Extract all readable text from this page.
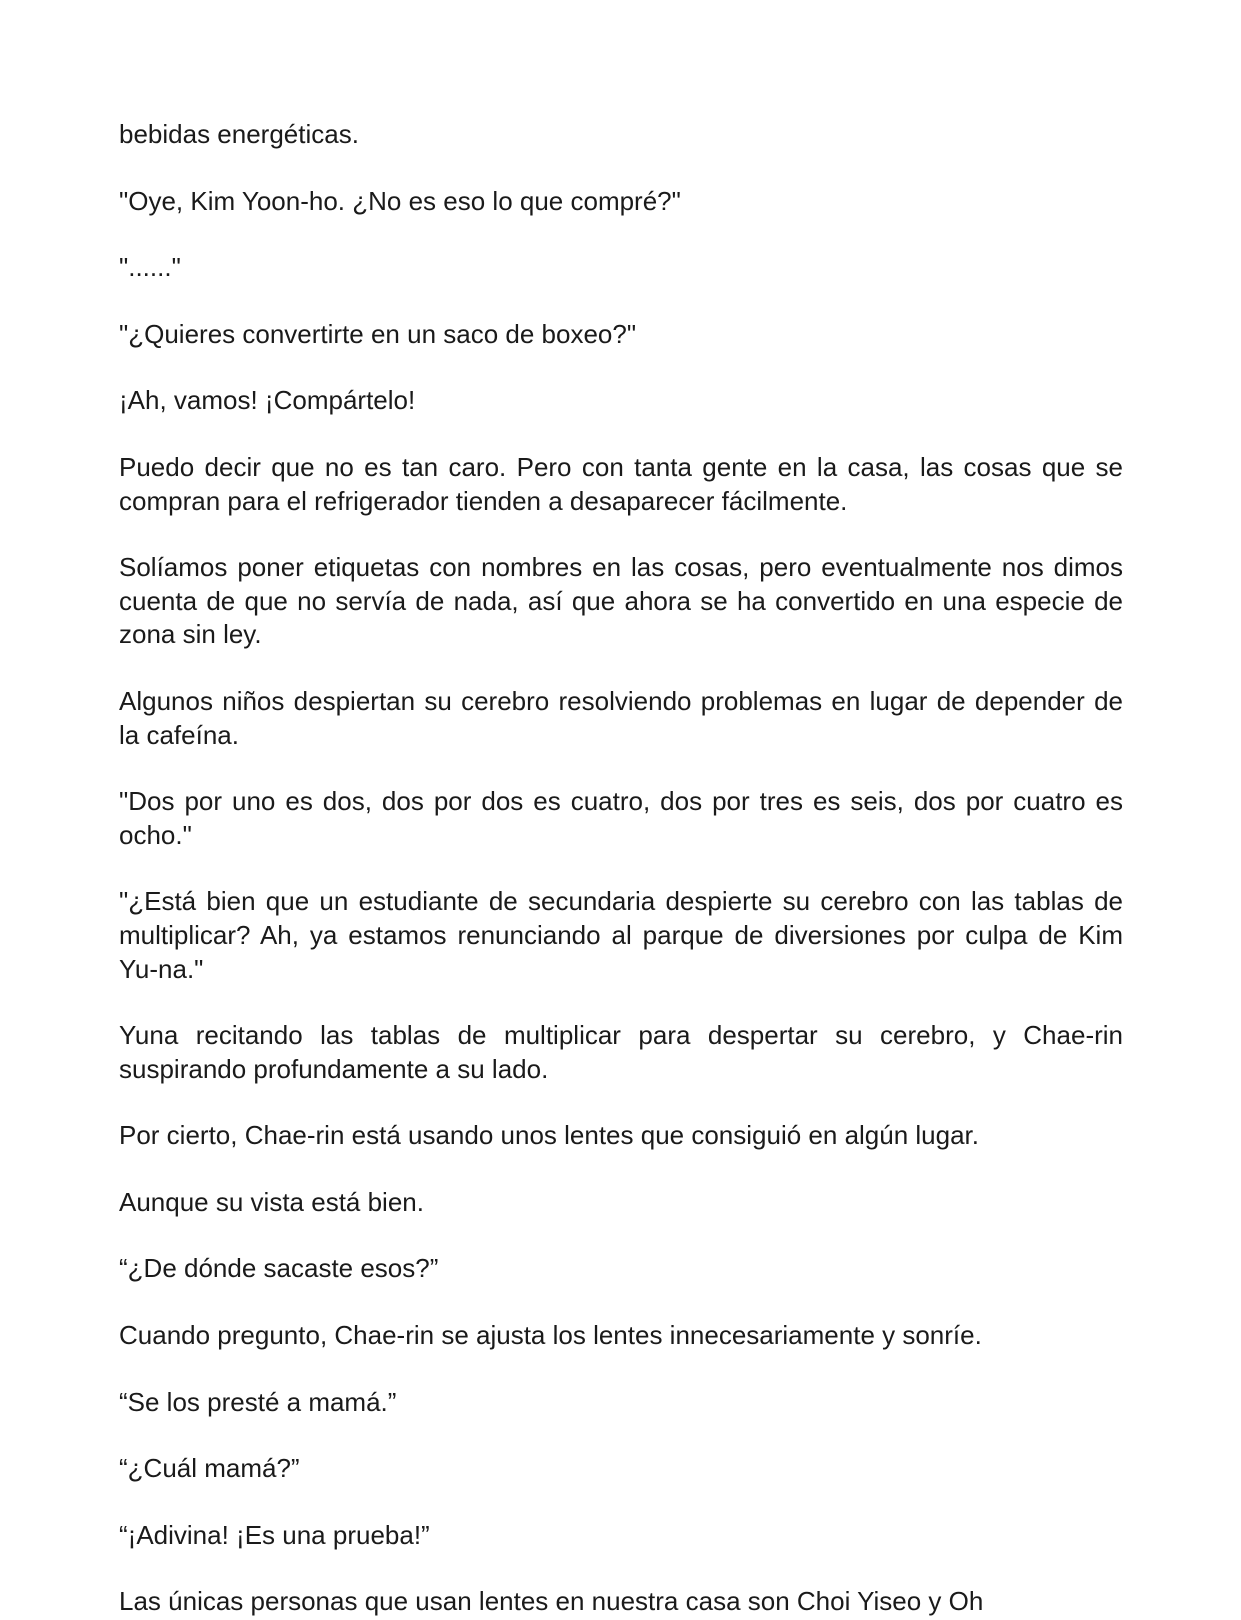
bebidas energéticas.

"Oye, Kim Yoon-ho. ¿No es eso lo que compré?"

"......"

"¿Quieres convertirte en un saco de boxeo?"

¡Ah, vamos! ¡Compártelo!

Puedo decir que no es tan caro. Pero con tanta gente en la casa, las cosas que se compran para el refrigerador tienden a desaparecer fácilmente.

Solíamos poner etiquetas con nombres en las cosas, pero eventualmente nos dimos cuenta de que no servía de nada, así que ahora se ha convertido en una especie de zona sin ley.

Algunos niños despiertan su cerebro resolviendo problemas en lugar de depender de la cafeína.

"Dos por uno es dos, dos por dos es cuatro, dos por tres es seis, dos por cuatro es ocho."

"¿Está bien que un estudiante de secundaria despierte su cerebro con las tablas de multiplicar? Ah, ya estamos renunciando al parque de diversiones por culpa de Kim Yu-na."

Yuna recitando las tablas de multiplicar para despertar su cerebro, y Chae-rin suspirando profundamente a su lado.

Por cierto, Chae-rin está usando unos lentes que consiguió en algún lugar.

Aunque su vista está bien.

“¿De dónde sacaste esos?”

Cuando pregunto, Chae-rin se ajusta los lentes innecesariamente y sonríe.

“Se los presté a mamá.”

“¿Cuál mamá?”

“¡Adivina! ¡Es una prueba!”

Las únicas personas que usan lentes en nuestra casa son Choi Yiseo y Oh
